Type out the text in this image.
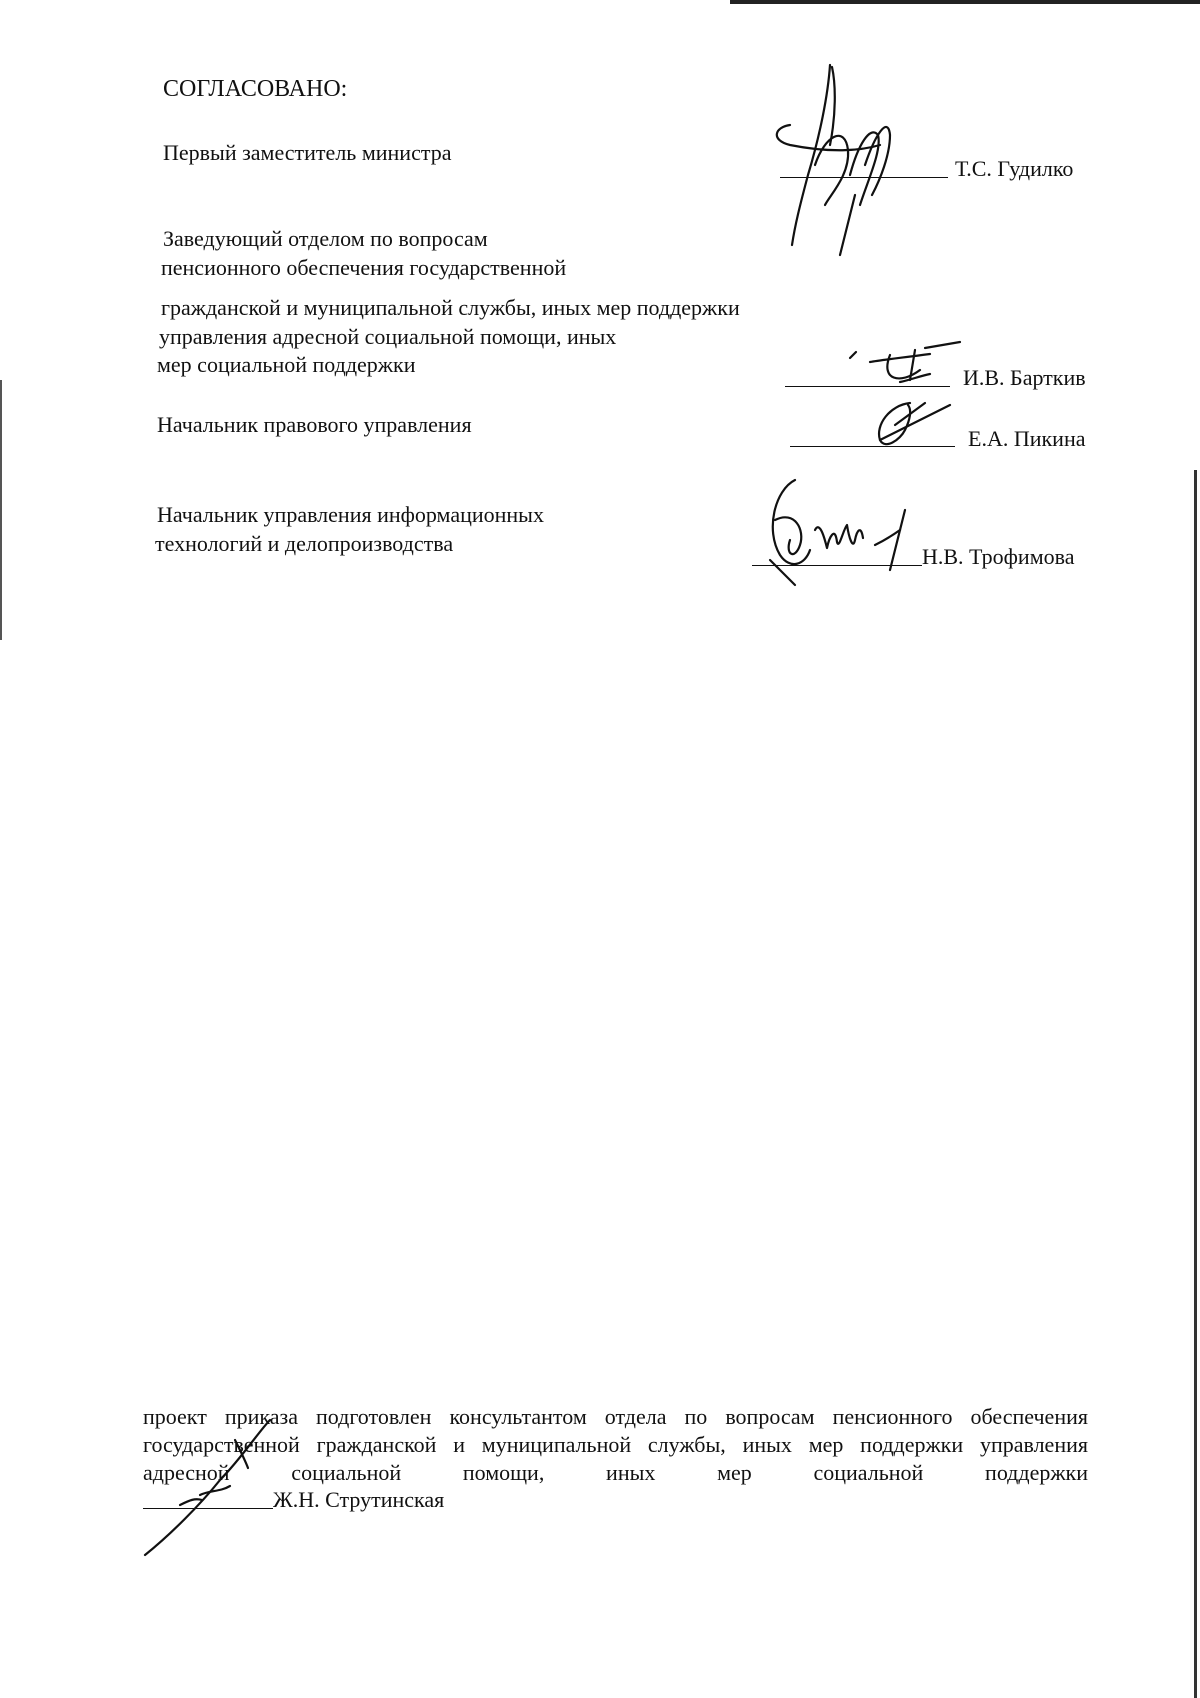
СОГЛАСОВАНО:
Первый заместитель министра
Т.С. Гудилко
Заведующий отделом по вопросам
пенсионного обеспечения государственной
гражданской и муниципальной службы, иных мер поддержки
управления адресной социальной помощи, иных
мер социальной поддержки
И.В. Барткив
Начальник правового управления
Е.А. Пикина
Начальник управления информационных
технологий и делопроизводства
Н.В. Трофимова
проект приказа подготовлен консультантом отдела по вопросам пенсионного обеспечения
государственной гражданской и муниципальной службы, иных мер поддержки управления
адресной социальной помощи, иных мер социальной поддержки
Ж.Н. Струтинская
